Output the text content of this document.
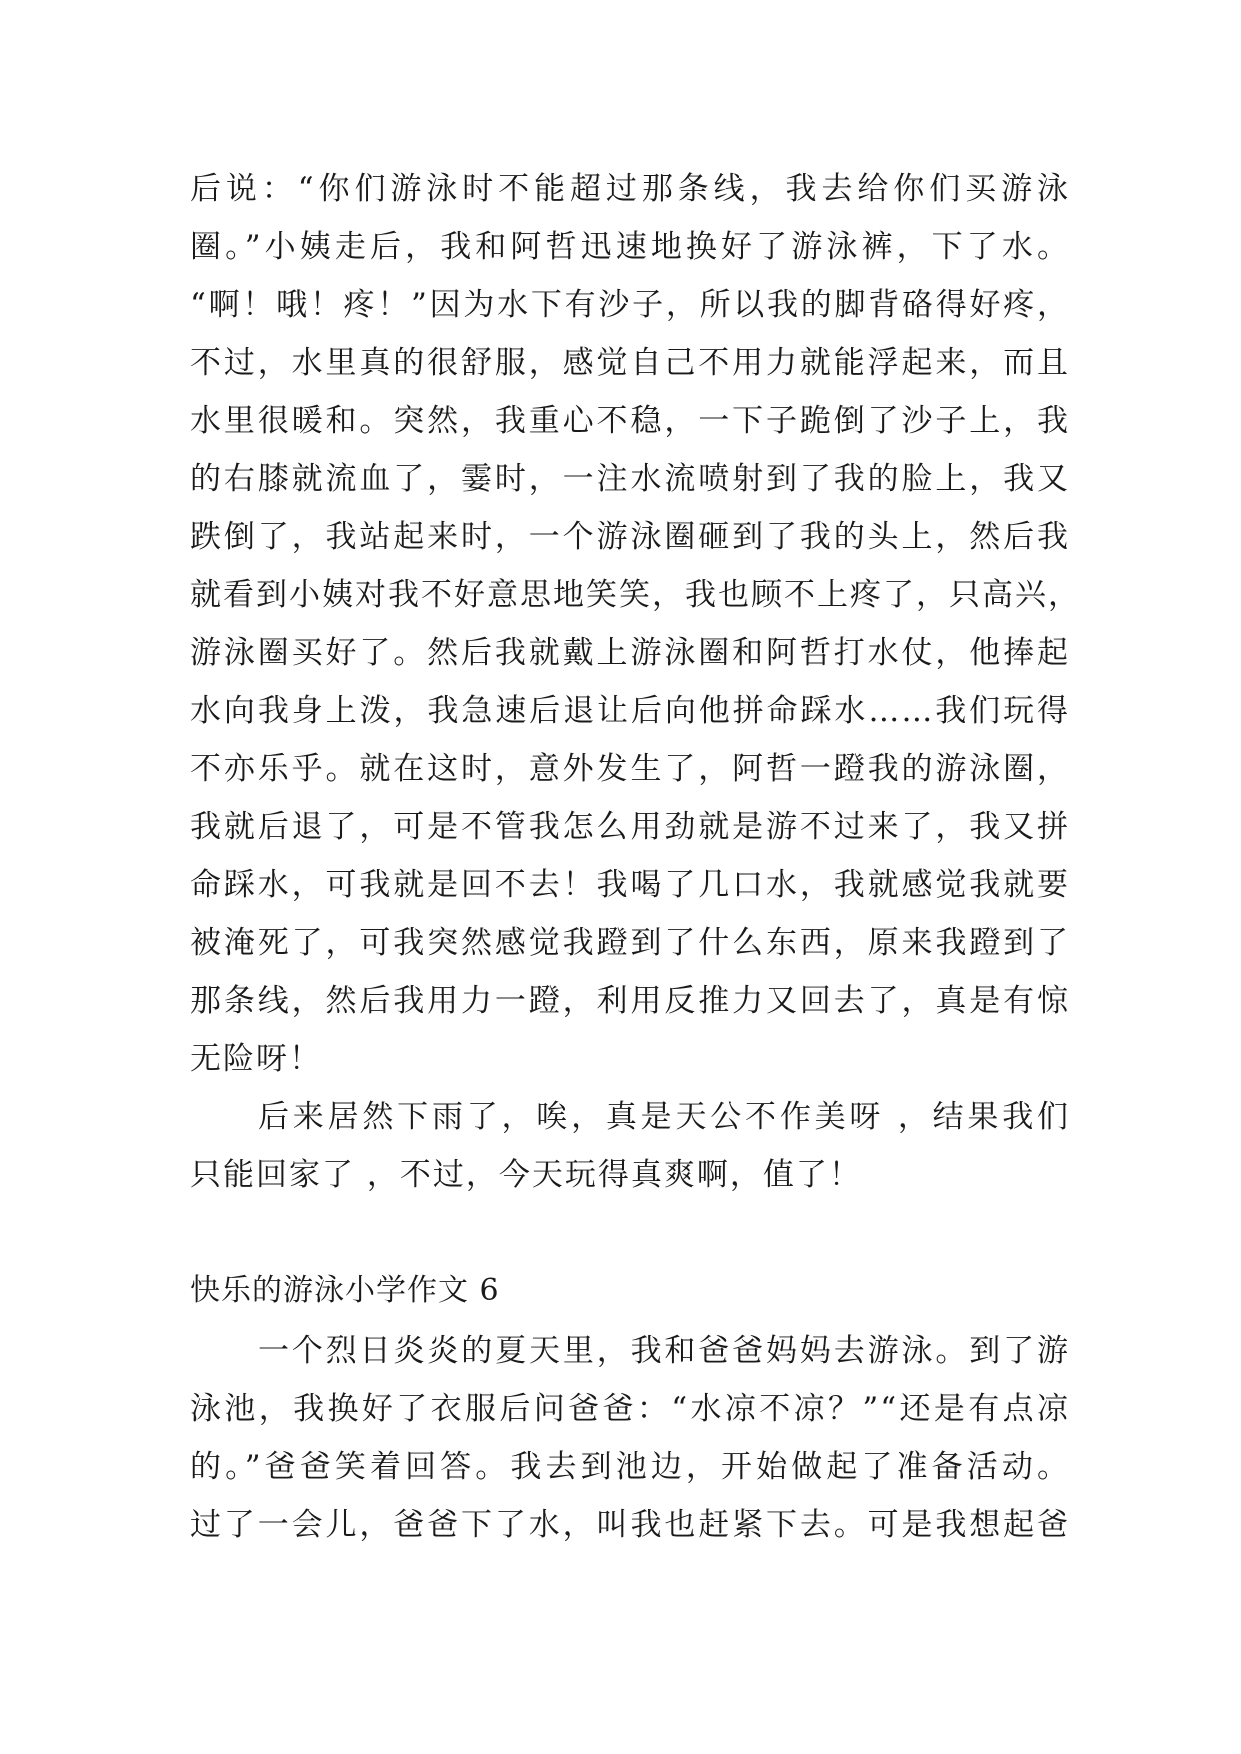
后说：“你们游泳时不能超过那条线，我去给你们买游泳
圈。”小姨走后，我和阿哲迅速地换好了游泳裤，下了水。
“啊！哦！疼！”因为水下有沙子，所以我的脚背硌得好疼，
不过，水里真的很舒服，感觉自己不用力就能浮起来，而且
水里很暖和。突然，我重心不稳，一下子跪倒了沙子上，我
的右膝就流血了，霎时，一注水流喷射到了我的脸上，我又
跌倒了，我站起来时，一个游泳圈砸到了我的头上，然后我
就看到小姨对我不好意思地笑笑，我也顾不上疼了，只高兴，
游泳圈买好了。然后我就戴上游泳圈和阿哲打水仗，他捧起
水向我身上泼，我急速后退让后向他拼命踩水……我们玩得
不亦乐乎。就在这时，意外发生了，阿哲一蹬我的游泳圈，
我就后退了，可是不管我怎么用劲就是游不过来了，我又拼
命踩水，可我就是回不去！我喝了几口水，我就感觉我就要
被淹死了，可我突然感觉我蹬到了什么东西，原来我蹬到了
那条线，然后我用力一蹬，利用反推力又回去了，真是有惊
无险呀！
后来居然下雨了，唉，真是天公不作美呀 ，结果我们
只能回家了 ，不过，今天玩得真爽啊，值了！
快乐的游泳小学作文 6
一个烈日炎炎的夏天里，我和爸爸妈妈去游泳。到了游
泳池，我换好了衣服后问爸爸：“水凉不凉？”“还是有点凉
的。”爸爸笑着回答。我去到池边，开始做起了准备活动。
过了一会儿，爸爸下了水，叫我也赶紧下去。可是我想起爸
